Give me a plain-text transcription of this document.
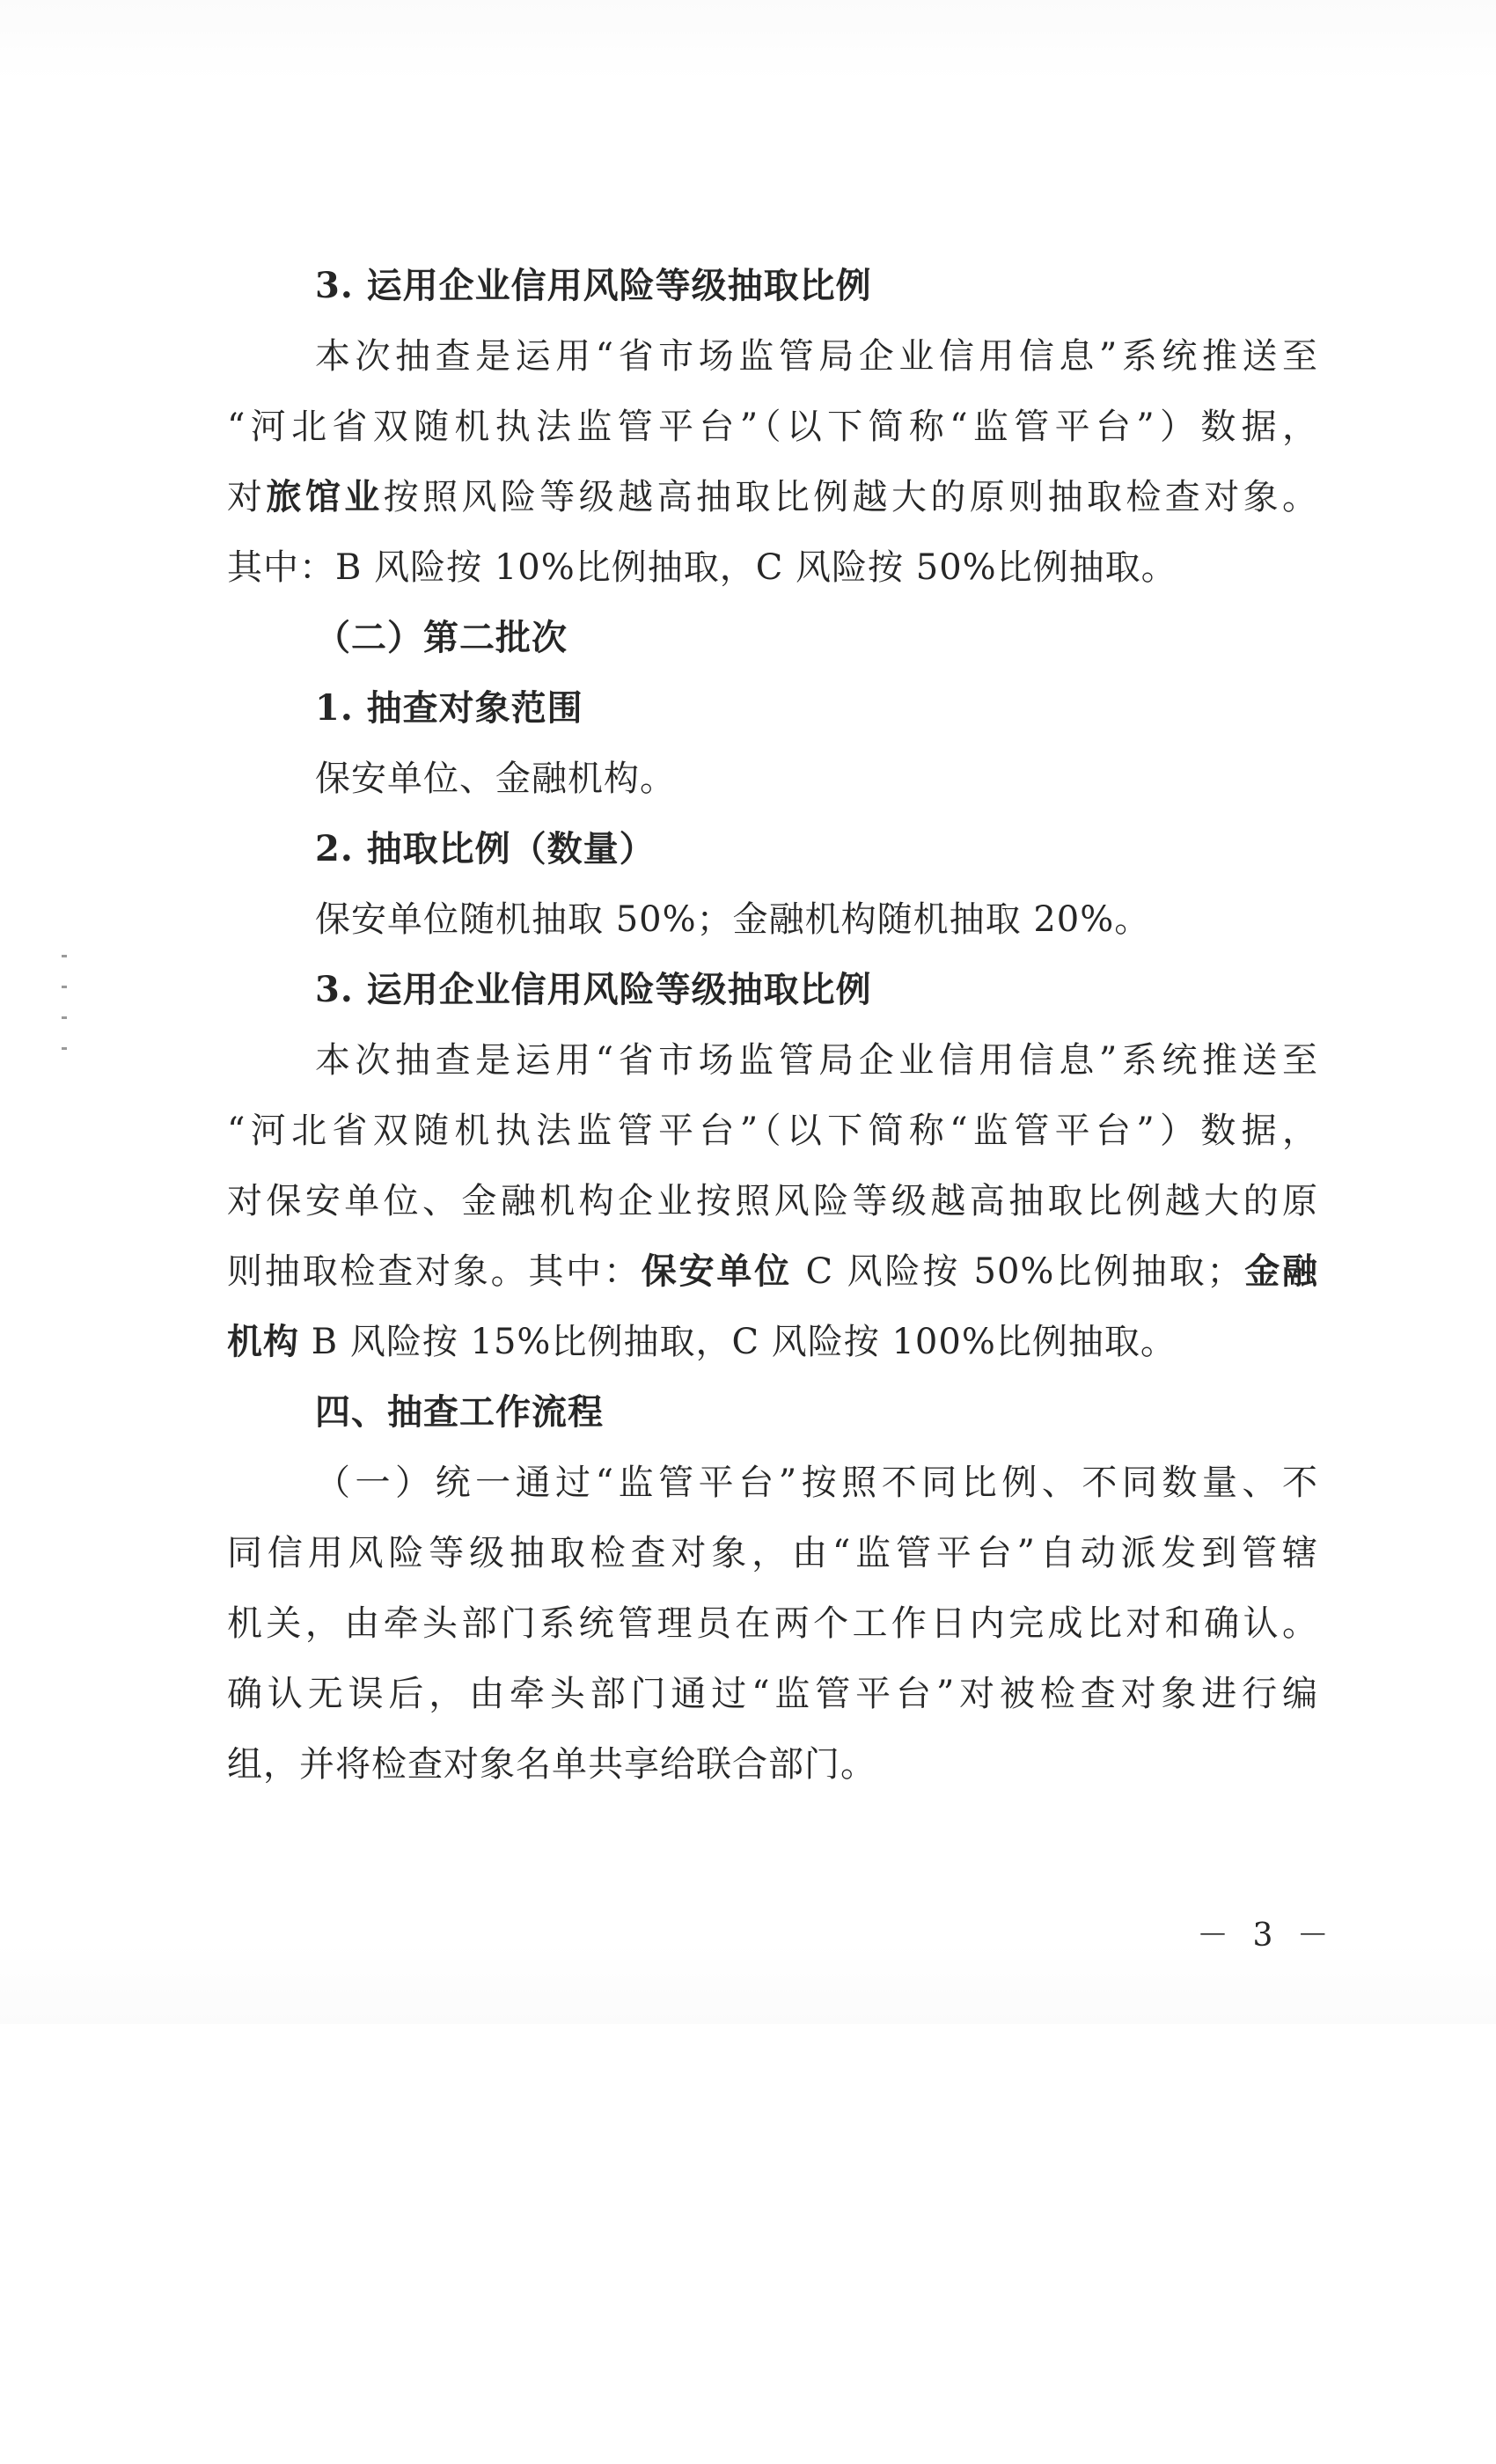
3. 运用企业信用风险等级抽取比例
本次抽查是运用“省市场监管局企业信用信息”系统推送至
“河北省双随机执法监管平台”（以下简称“监管平台”）数据，
对旅馆业按照风险等级越高抽取比例越大的原则抽取检查对象。
其中：B 风险按 10%比例抽取，C 风险按 50%比例抽取。
（二）第二批次
1. 抽查对象范围
保安单位、金融机构。
2. 抽取比例（数量）
保安单位随机抽取 50%；金融机构随机抽取 20%。
3. 运用企业信用风险等级抽取比例
本次抽查是运用“省市场监管局企业信用信息”系统推送至
“河北省双随机执法监管平台”（以下简称“监管平台”）数据，
对保安单位、金融机构企业按照风险等级越高抽取比例越大的原
则抽取检查对象。其中：保安单位 C 风险按 50%比例抽取；金融
机构 B 风险按 15%比例抽取，C 风险按 100%比例抽取。
四、抽查工作流程
（一）统一通过“监管平台”按照不同比例、不同数量、不
同信用风险等级抽取检查对象，由“监管平台”自动派发到管辖
机关，由牵头部门系统管理员在两个工作日内完成比对和确认。
确认无误后，由牵头部门通过“监管平台”对被检查对象进行编
组，并将检查对象名单共享给联合部门。
－ 3 －
